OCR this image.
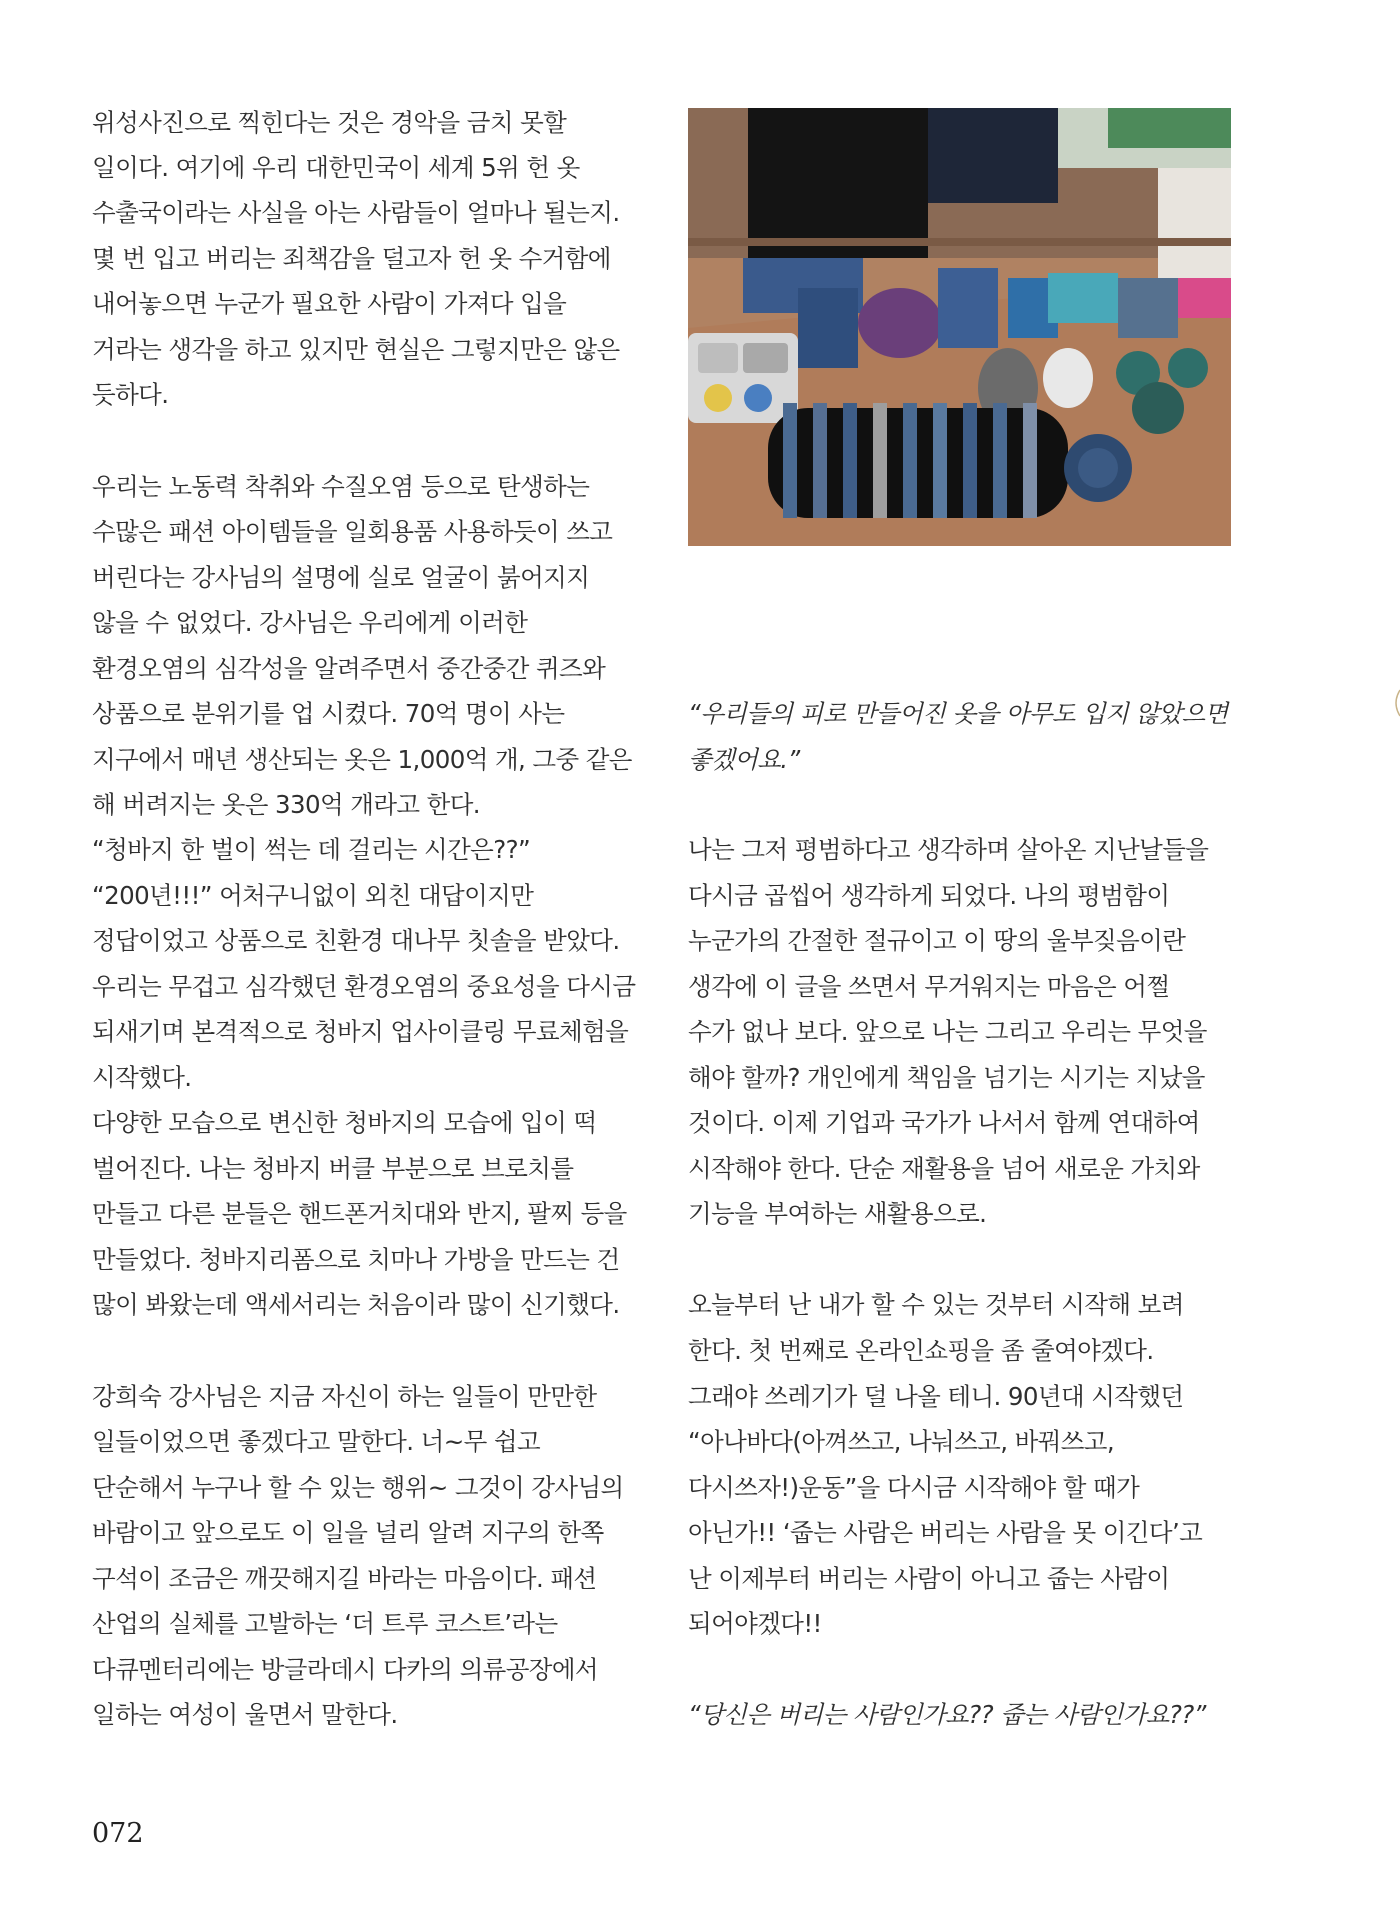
위성사진으로 찍힌다는 것은 경악을 금치 못할
일이다. 여기에 우리 대한민국이 세계 5위 헌 옷
수출국이라는 사실을 아는 사람들이 얼마나 될는지.
몇 번 입고 버리는 죄책감을 덜고자 헌 옷 수거함에
내어놓으면 누군가 필요한 사람이 가져다 입을
거라는 생각을 하고 있지만 현실은 그렇지만은 않은
듯하다.
우리는 노동력 착취와 수질오염 등으로 탄생하는
수많은 패션 아이템들을 일회용품 사용하듯이 쓰고
버린다는 강사님의 설명에 실로 얼굴이 붉어지지
않을 수 없었다. 강사님은 우리에게 이러한
환경오염의 심각성을 알려주면서 중간중간 퀴즈와
상품으로 분위기를 업 시켰다. 70억 명이 사는
지구에서 매년 생산되는 옷은 1,000억 개, 그중 같은
해 버려지는 옷은 330억 개라고 한다.
“청바지 한 벌이 썩는 데 걸리는 시간은??”
“200년!!!” 어처구니없이 외친 대답이지만
정답이었고 상품으로 친환경 대나무 칫솔을 받았다.
우리는 무겁고 심각했던 환경오염의 중요성을 다시금
되새기며 본격적으로 청바지 업사이클링 무료체험을
시작했다.
다양한 모습으로 변신한 청바지의 모습에 입이 떡
벌어진다. 나는 청바지 버클 부분으로 브로치를
만들고 다른 분들은 핸드폰거치대와 반지, 팔찌 등을
만들었다. 청바지리폼으로 치마나 가방을 만드는 건
많이 봐왔는데 액세서리는 처음이라 많이 신기했다.
강희숙 강사님은 지금 자신이 하는 일들이 만만한
일들이었으면 좋겠다고 말한다. 너~무 쉽고
단순해서 누구나 할 수 있는 행위~ 그것이 강사님의
바람이고 앞으로도 이 일을 널리 알려 지구의 한쪽
구석이 조금은 깨끗해지길 바라는 마음이다. 패션
산업의 실체를 고발하는 ‘더 트루 코스트’라는
다큐멘터리에는 방글라데시 다카의 의류공장에서
일하는 여성이 울면서 말한다.
“우리들의 피로 만들어진 옷을 아무도 입지 않았으면
좋겠어요.”
나는 그저 평범하다고 생각하며 살아온 지난날들을
다시금 곱씹어 생각하게 되었다. 나의 평범함이
누군가의 간절한 절규이고 이 땅의 울부짖음이란
생각에 이 글을 쓰면서 무거워지는 마음은 어쩔
수가 없나 보다. 앞으로 나는 그리고 우리는 무엇을
해야 할까? 개인에게 책임을 넘기는 시기는 지났을
것이다. 이제 기업과 국가가 나서서 함께 연대하여
시작해야 한다. 단순 재활용을 넘어 새로운 가치와
기능을 부여하는 새활용으로.
오늘부터 난 내가 할 수 있는 것부터 시작해 보려
한다. 첫 번째로 온라인쇼핑을 좀 줄여야겠다.
그래야 쓰레기가 덜 나올 테니. 90년대 시작했던
“아나바다(아껴쓰고, 나눠쓰고, 바꿔쓰고,
다시쓰자!)운동”을 다시금 시작해야 할 때가
아닌가!! ‘줍는 사람은 버리는 사람을 못 이긴다’고
난 이제부터 버리는 사람이 아니고 줍는 사람이
되어야겠다!!
“당신은 버리는 사람인가요?? 줍는 사람인가요??”
072
